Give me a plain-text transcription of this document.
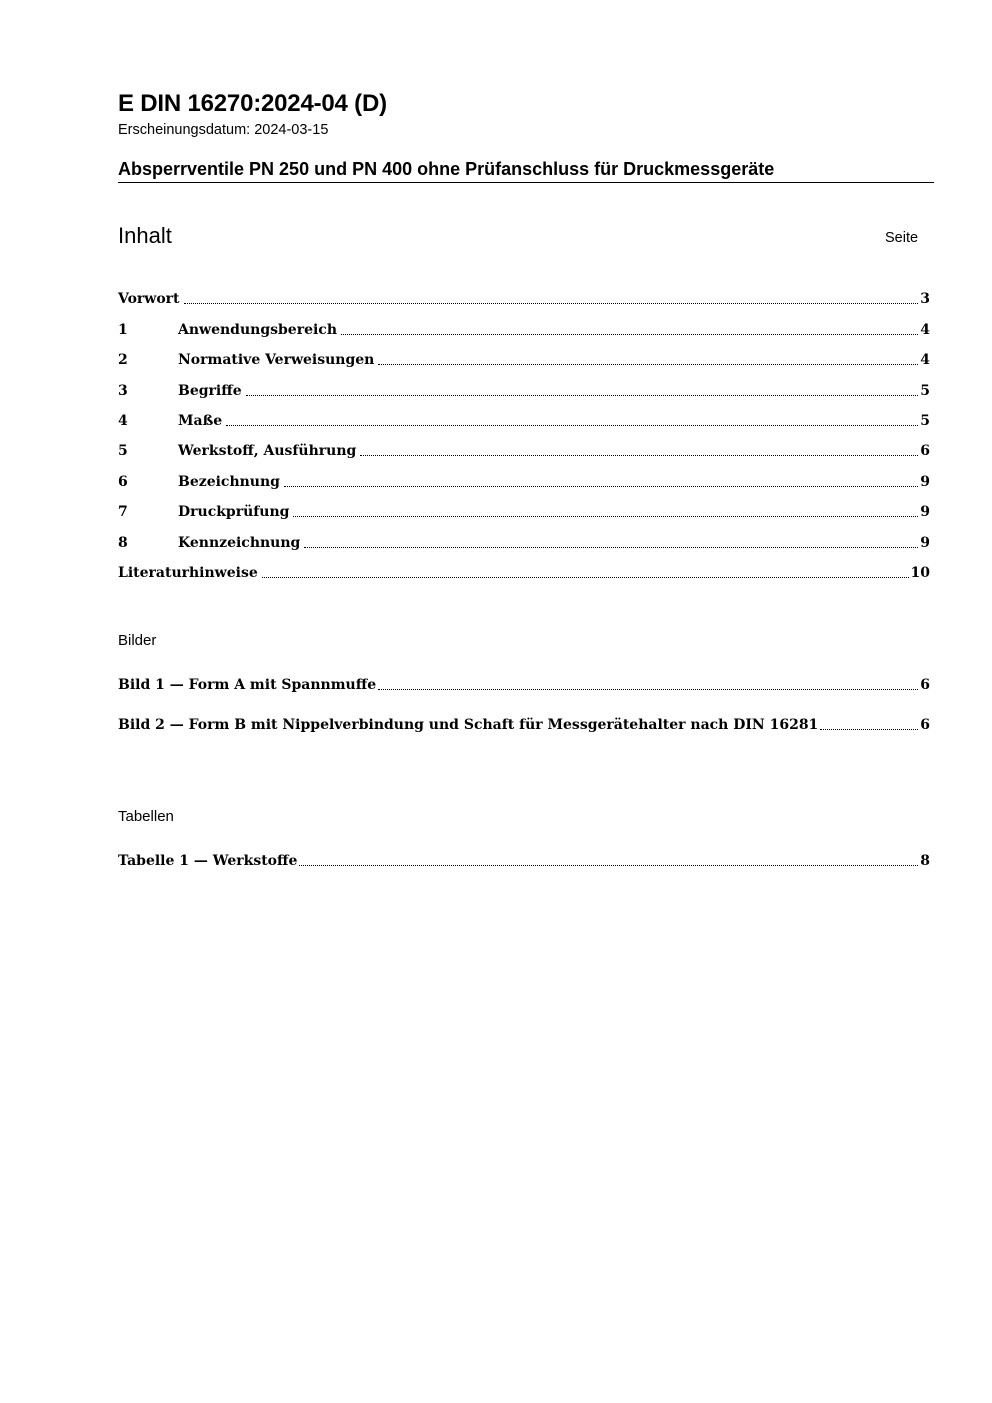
E DIN 16270:2024-04 (D)
Erscheinungsdatum: 2024-03-15
Absperrventile PN 250 und PN 400 ohne Prüfanschluss für Druckmessgeräte
Inhalt	Seite
Vorwort	3
1	Anwendungsbereich	4
2	Normative Verweisungen	4
3	Begriffe	5
4	Maße	5
5	Werkstoff, Ausführung	6
6	Bezeichnung	9
7	Druckprüfung	9
8	Kennzeichnung	9
Literaturhinweise	10
Bilder
Bild 1 — Form A mit Spannmuffe	6
Bild 2 — Form B mit Nippelverbindung und Schaft für Messgerätehalter nach DIN 16281	6
Tabellen
Tabelle 1 — Werkstoffe	8
